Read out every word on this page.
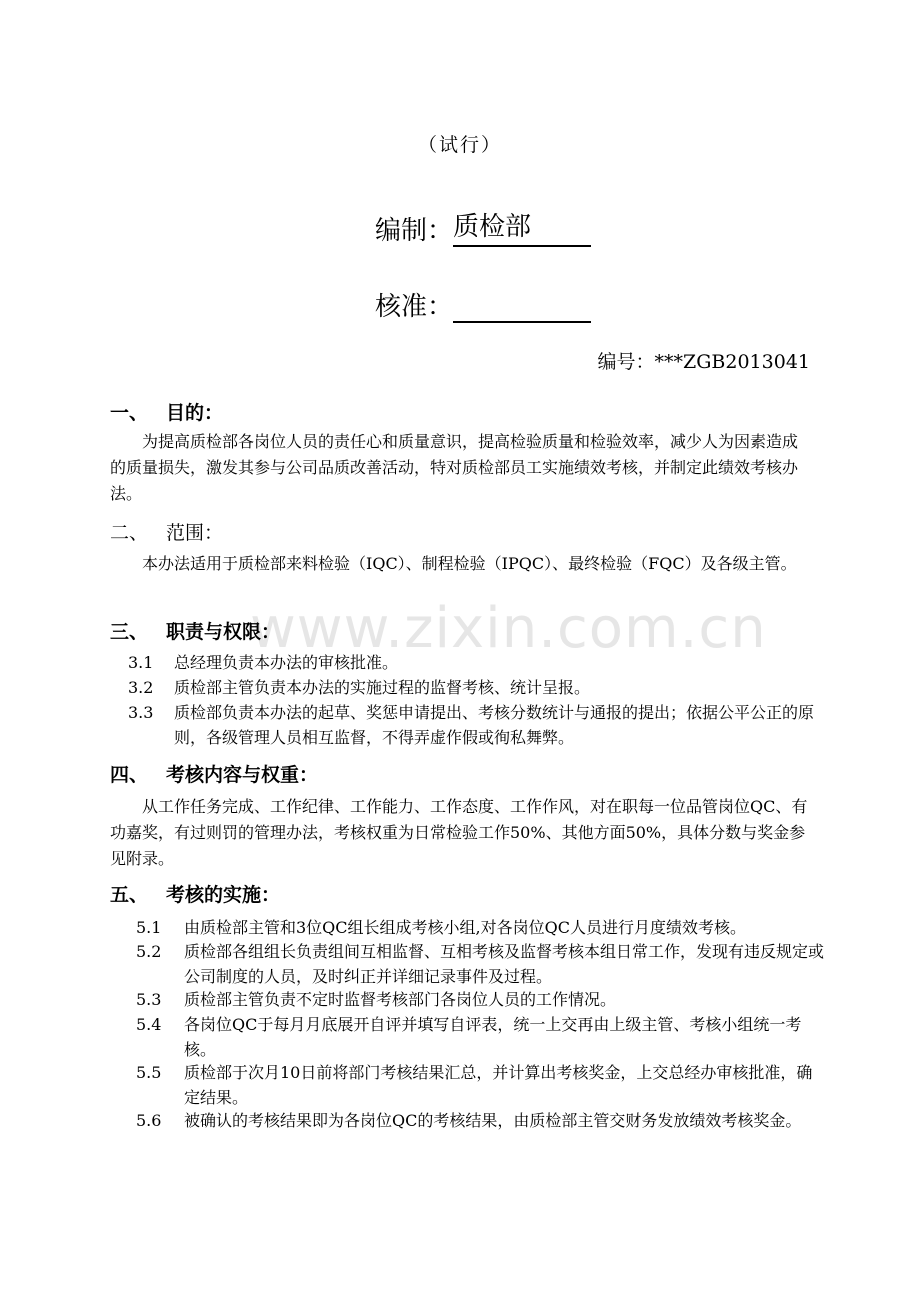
www.zixin.com.cn
（试行）
编制： 质检部
核准：
编号：***ZGB2013041
一、 目的：
为提高质检部各岗位人员的责任心和质量意识，提高检验质量和检验效率，减少人为因素造成的质量损失，激发其参与公司品质改善活动，特对质检部员工实施绩效考核，并制定此绩效考核办法。
二、 范围：
本办法适用于质检部来料检验（IQC）、制程检验（IPQC）、最终检验（FQC）及各级主管。
三、 职责与权限：
3.1	总经理负责本办法的审核批准。
3.2	质检部主管负责本办法的实施过程的监督考核、统计呈报。
3.3	质检部负责本办法的起草、奖惩申请提出、考核分数统计与通报的提出；依据公平公正的原则，各级管理人员相互监督，不得弄虚作假或徇私舞弊。
四、 考核内容与权重：
从工作任务完成、工作纪律、工作能力、工作态度、工作作风，对在职每一位品管岗位QC、有功嘉奖，有过则罚的管理办法，考核权重为日常检验工作50%、其他方面50%，具体分数与奖金参见附录。
五、 考核的实施：
5.1	由质检部主管和3位QC组长组成考核小组,对各岗位QC人员进行月度绩效考核。
5.2	质检部各组组长负责组间互相监督、互相考核及监督考核本组日常工作，发现有违反规定或公司制度的人员，及时纠正并详细记录事件及过程。
5.3	质检部主管负责不定时监督考核部门各岗位人员的工作情况。
5.4	各岗位QC于每月月底展开自评并填写自评表，统一上交再由上级主管、考核小组统一考核。
5.5	质检部于次月10日前将部门考核结果汇总，并计算出考核奖金，上交总经办审核批准，确定结果。
5.6	被确认的考核结果即为各岗位QC的考核结果，由质检部主管交财务发放绩效考核奖金。
